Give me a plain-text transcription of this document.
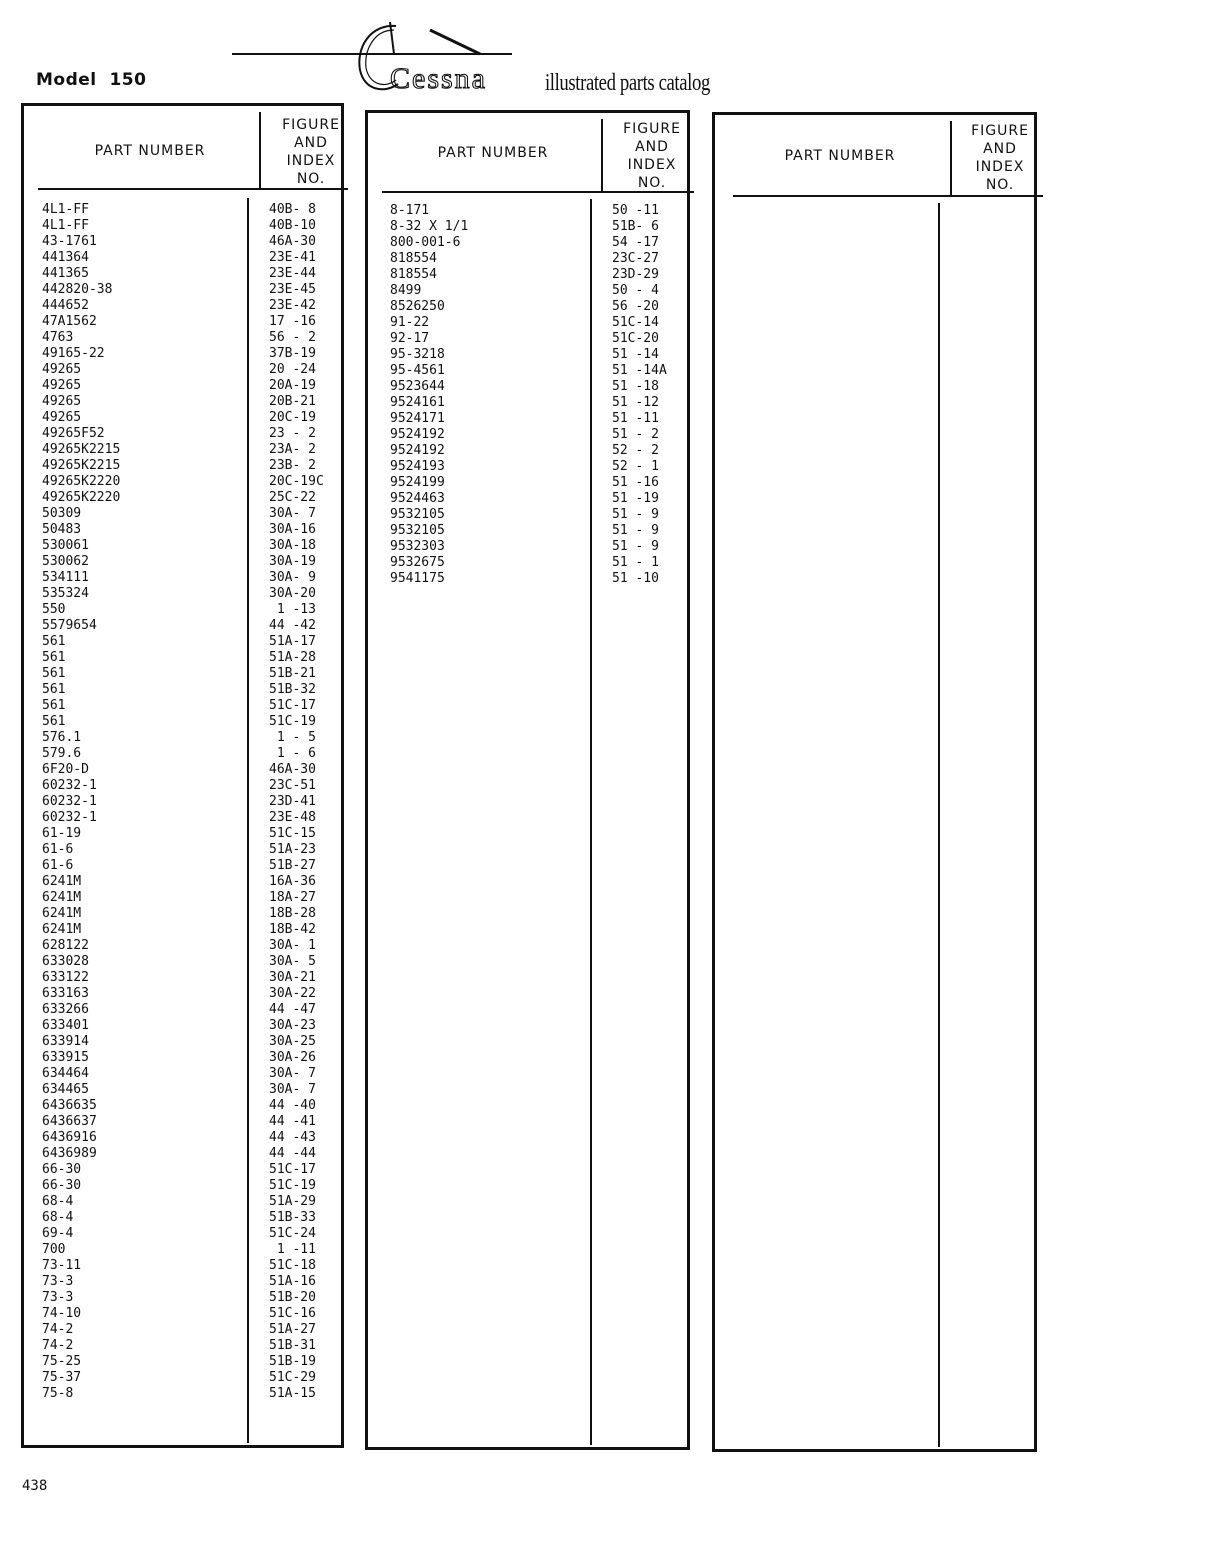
Model 150	Cessna illustrated parts catalog
PART NUMBER
FIGURE
AND
INDEX
NO.
4L1-FF	40B- 8
4L1-FF	40B-10
43-1761	46A-30
441364	23E-41
441365	23E-44
442820-38	23E-45
444652	23E-42
47A1562	17 -16
4763	56 - 2
49165-22	37B-19
49265	20 -24
49265	20A-19
49265	20B-21
49265	20C-19
49265F52	23 - 2
49265K2215	23A- 2
49265K2215	23B- 2
49265K2220	20C-19C
49265K2220	25C-22
50309	30A- 7
50483	30A-16
530061	30A-18
530062	30A-19
534111	30A- 9
535324	30A-20
550	1 -13
5579654	44 -42
561	51A-17
561	51A-28
561	51B-21
561	51B-32
561	51C-17
561	51C-19
576.1	1 - 5
579.6	1 - 6
6F20-D	46A-30
60232-1	23C-51
60232-1	23D-41
60232-1	23E-48
61-19	51C-15
61-6	51A-23
61-6	51B-27
6241M	16A-36
6241M	18A-27
6241M	18B-28
6241M	18B-42
628122	30A- 1
633028	30A- 5
633122	30A-21
633163	30A-22
633266	44 -47
633401	30A-23
633914	30A-25
633915	30A-26
634464	30A- 7
634465	30A- 7
6436635	44 -40
6436637	44 -41
6436916	44 -43
6436989	44 -44
66-30	51C-17
66-30	51C-19
68-4	51A-29
68-4	51B-33
69-4	51C-24
700	1 -11
73-11	51C-18
73-3	51A-16
73-3	51B-20
74-10	51C-16
74-2	51A-27
74-2	51B-31
75-25	51B-19
75-37	51C-29
75-8	51A-15
PART NUMBER
FIGURE
AND
INDEX
NO.
8-171	50 -11
8-32 X 1/1	51B- 6
800-001-6	54 -17
818554	23C-27
818554	23D-29
8499	50 - 4
8526250	56 -20
91-22	51C-14
92-17	51C-20
95-3218	51 -14
95-4561	51 -14A
9523644	51 -18
9524161	51 -12
9524171	51 -11
9524192	51 - 2
9524192	52 - 2
9524193	52 - 1
9524199	51 -16
9524463	51 -19
9532105	51 - 9
9532105	51 - 9
9532303	51 - 9
9532675	51 - 1
9541175	51 -10
PART NUMBER
FIGURE
AND
INDEX
NO.
438
